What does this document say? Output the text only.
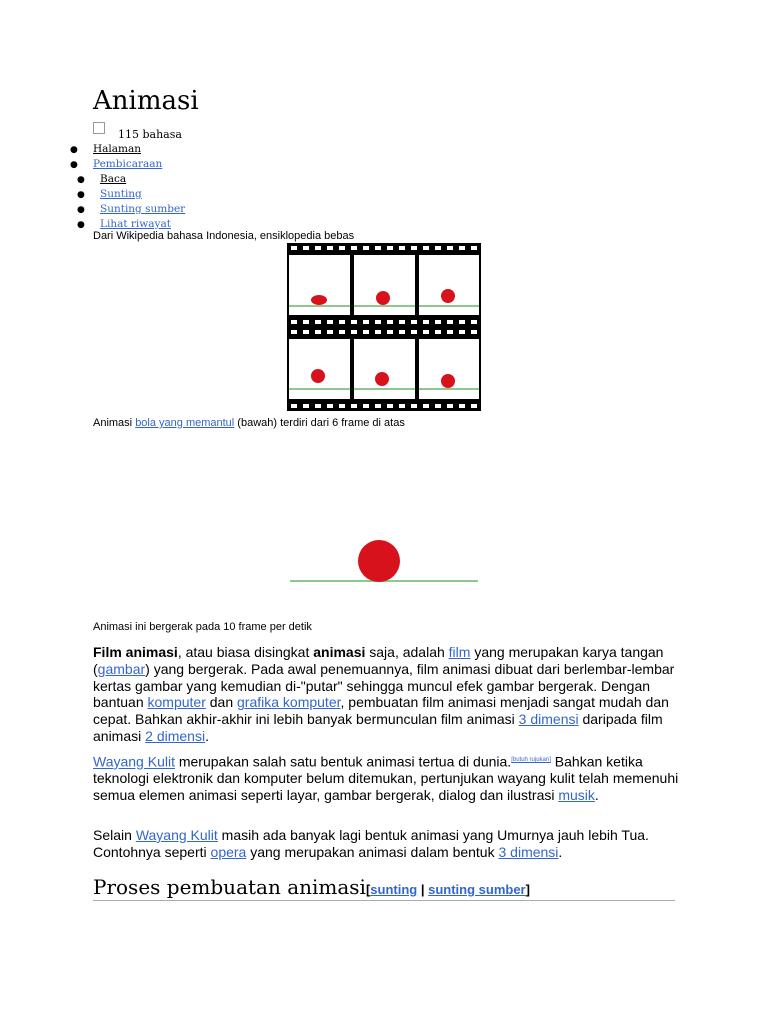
Animasi
115 bahasa
● Halaman
● Pembicaraan
● Baca
● Sunting
● Sunting sumber
● Lihat riwayat
Dari Wikipedia bahasa Indonesia, ensiklopedia bebas
Animasi bola yang memantul (bawah) terdiri dari 6 frame di atas
Animasi ini bergerak pada 10 frame per detik

Film animasi, atau biasa disingkat animasi saja, adalah film yang merupakan karya tangan (gambar) yang bergerak. Pada awal penemuannya, film animasi dibuat dari berlembar-lembar kertas gambar yang kemudian di-"putar" sehingga muncul efek gambar bergerak. Dengan bantuan komputer dan grafika komputer, pembuatan film animasi menjadi sangat mudah dan cepat. Bahkan akhir-akhir ini lebih banyak bermunculan film animasi 3 dimensi daripada film animasi 2 dimensi.

Wayang Kulit merupakan salah satu bentuk animasi tertua di dunia.[butuh rujukan] Bahkan ketika teknologi elektronik dan komputer belum ditemukan, pertunjukan wayang kulit telah memenuhi semua elemen animasi seperti layar, gambar bergerak, dialog dan ilustrasi musik.

Selain Wayang Kulit masih ada banyak lagi bentuk animasi yang Umurnya jauh lebih Tua. Contohnya seperti opera yang merupakan animasi dalam bentuk 3 dimensi.

Proses pembuatan animasi[sunting | sunting sumber]
